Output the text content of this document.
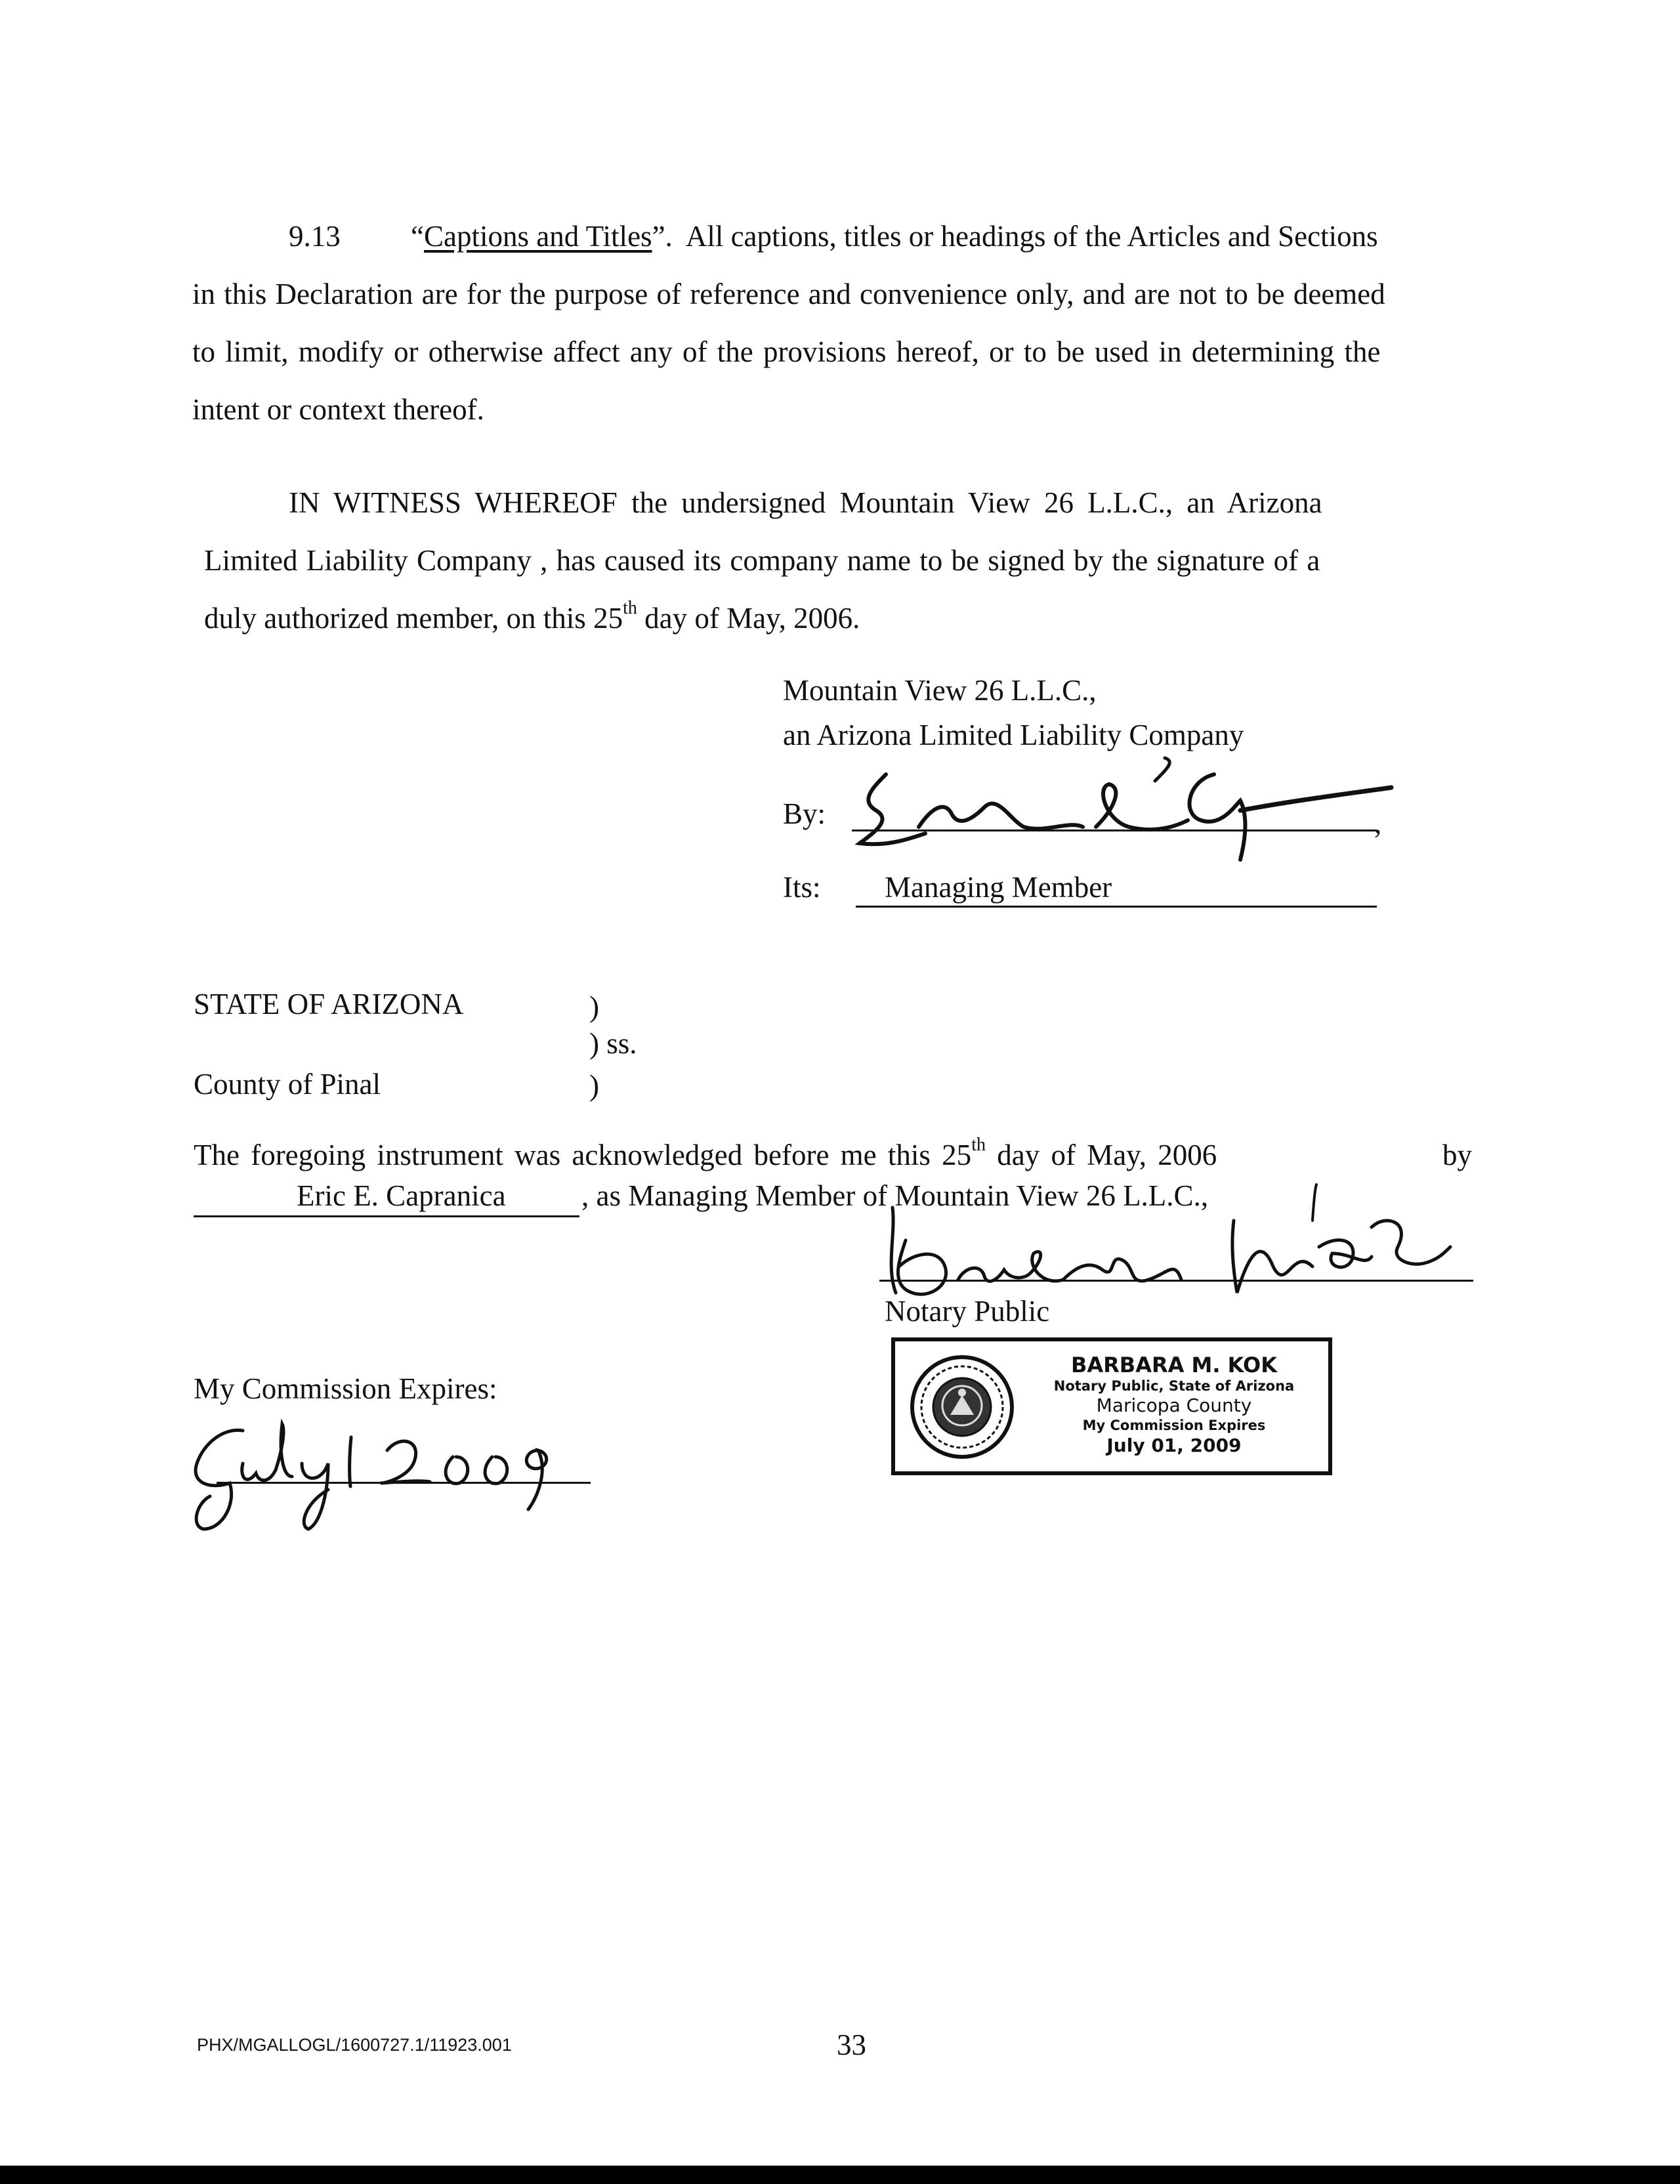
9.13 “Captions and Titles”. All captions, titles or headings of the Articles and Sections
in this Declaration are for the purpose of reference and convenience only, and are not to be deemed
to limit, modify or otherwise affect any of the provisions hereof, or to be used in determining the
intent or context thereof.
IN WITNESS WHEREOF the undersigned Mountain View 26 L.L.C., an Arizona
Limited Liability Company , has caused its company name to be signed by the signature of a
duly authorized member, on this 25th day of May, 2006.
Mountain View 26 L.L.C.,
an Arizona Limited Liability Company
By:	,
Its: Managing Member
STATE OF ARIZONA	)
) ss.
County of Pinal	)
The foregoing instrument was acknowledged before me this 25th day of May, 2006	by
Eric E. Capranica	, as Managing Member of Mountain View 26 L.L.C.,
Notary Public
My Commission Expires:
BARBARA M. KOK
Notary Public, State of Arizona
Maricopa County
My Commission Expires
July 01, 2009
PHX/MGALLOGL/1600727.1/11923.001	33
